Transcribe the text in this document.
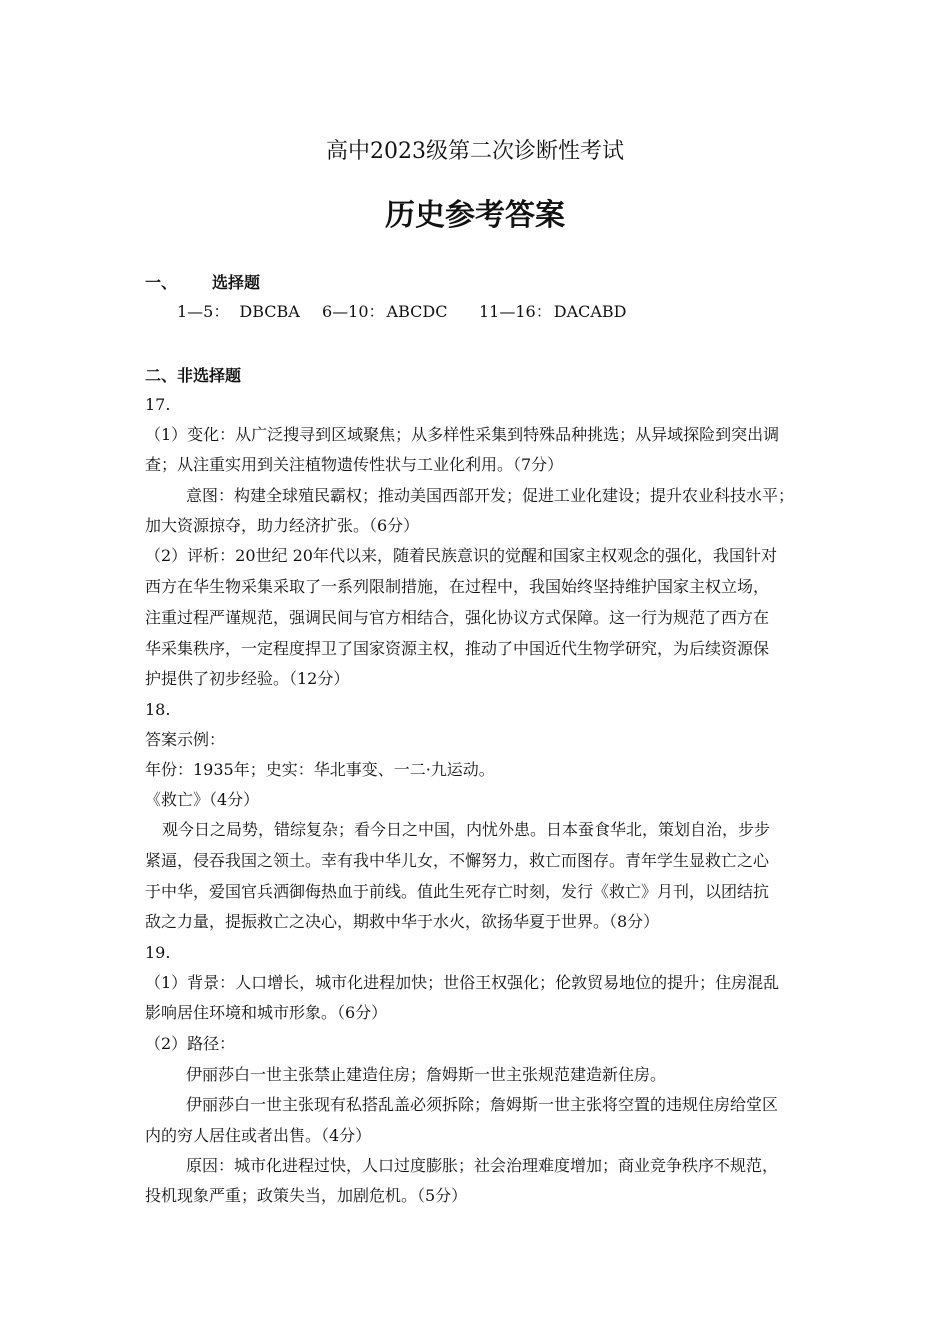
高中2023级第二次诊断性考试
历史参考答案
一、 选择题
1—5： DBCBA 6—10： ABCDC 11—16： DACABD
二、非选择题
17.
（1）变化：从广泛搜寻到区域聚焦；从多样性采集到特殊品种挑选；从异域探险到突出调
查；从注重实用到关注植物遗传性状与工业化利用。（7分）
意图：构建全球殖民霸权；推动美国西部开发；促进工业化建设；提升农业科技水平；
加大资源掠夺，助力经济扩张。（6分）
（2）评析：20世纪 20年代以来，随着民族意识的觉醒和国家主权观念的强化，我国针对
西方在华生物采集采取了一系列限制措施，在过程中，我国始终坚持维护国家主权立场，
注重过程严谨规范，强调民间与官方相结合，强化协议方式保障。这一行为规范了西方在
华采集秩序，一定程度捍卫了国家资源主权，推动了中国近代生物学研究，为后续资源保
护提供了初步经验。（12分）
18.
答案示例：
年份：1935年；史实：华北事变、一二·九运动。
《救亡》（4分）
观今日之局势，错综复杂；看今日之中国，内忧外患。日本蚕食华北，策划自治，步步
紧逼，侵吞我国之领土。幸有我中华儿女，不懈努力，救亡而图存。青年学生显救亡之心
于中华，爱国官兵洒御侮热血于前线。值此生死存亡时刻，发行《救亡》月刊，以团结抗
敌之力量，提振救亡之决心，期救中华于水火，欲扬华夏于世界。（8分）
19.
（1）背景：人口增长，城市化进程加快；世俗王权强化；伦敦贸易地位的提升；住房混乱
影响居住环境和城市形象。（6分）
（2）路径：
伊丽莎白一世主张禁止建造住房；詹姆斯一世主张规范建造新住房。
伊丽莎白一世主张现有私搭乱盖必须拆除；詹姆斯一世主张将空置的违规住房给堂区
内的穷人居住或者出售。（4分）
原因：城市化进程过快，人口过度膨胀；社会治理难度增加；商业竞争秩序不规范，
投机现象严重；政策失当，加剧危机。（5分）
